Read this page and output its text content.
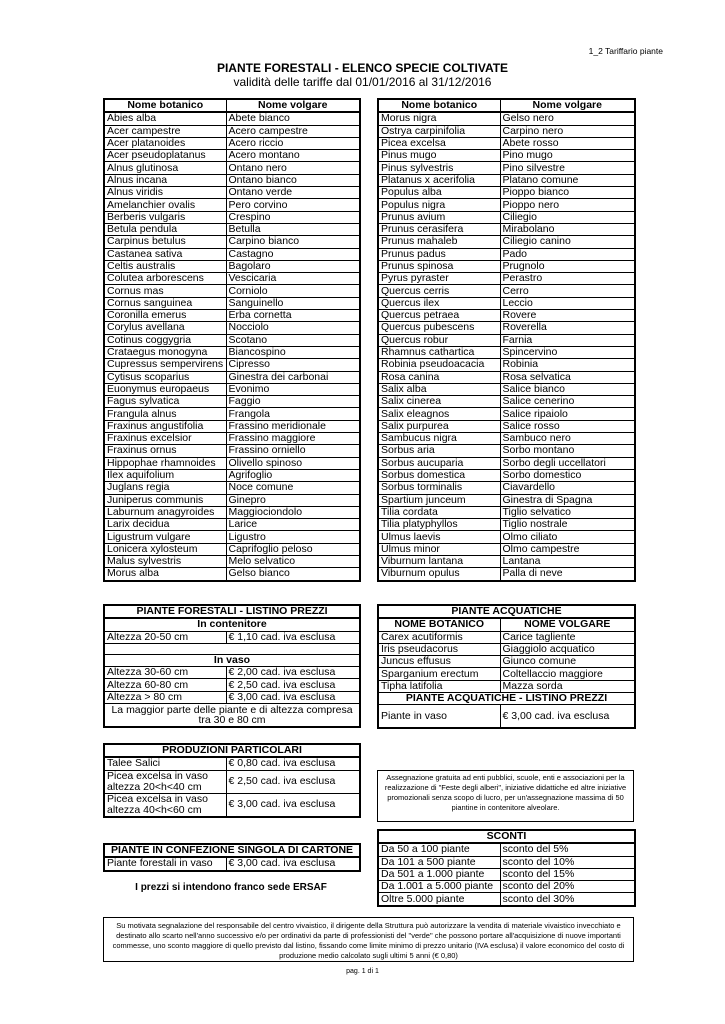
1_2 Tariffario piante
PIANTE FORESTALI - ELENCO SPECIE COLTIVATE
validità delle tariffe dal 01/01/2016 al 31/12/2016
Nome botanico	Nome volgare
Abies alba	Abete bianco
Acer campestre	Acero campestre
Acer platanoides	Acero riccio
Acer pseudoplatanus	Acero montano
Alnus glutinosa	Ontano nero
Alnus incana	Ontano bianco
Alnus viridis	Ontano verde
Amelanchier ovalis	Pero corvino
Berberis vulgaris	Crespino
Betula pendula	Betulla
Carpinus betulus	Carpino bianco
Castanea sativa	Castagno
Celtis australis	Bagolaro
Colutea arborescens	Vescicaria
Cornus mas	Corniolo
Cornus sanguinea	Sanguinello
Coronilla emerus	Erba cornetta
Corylus avellana	Nocciolo
Cotinus coggygria	Scotano
Crataegus monogyna	Biancospino
Cupressus sempervirens	Cipresso
Cytisus scoparius	Ginestra dei carbonai
Euonymus europaeus	Evonimo
Fagus sylvatica	Faggio
Frangula alnus	Frangola
Fraxinus angustifolia	Frassino meridionale
Fraxinus excelsior	Frassino maggiore
Fraxinus ornus	Frassino orniello
Hippophae rhamnoides	Olivello spinoso
Ilex aquifolium	Agrifoglio
Juglans regia	Noce comune
Juniperus communis	Ginepro
Laburnum anagyroides	Maggiociondolo
Larix decidua	Larice
Ligustrum vulgare	Ligustro
Lonicera xylosteum	Caprifoglio peloso
Malus sylvestris	Melo selvatico
Morus alba	Gelso bianco
Nome botanico	Nome volgare
Morus nigra	Gelso nero
Ostrya carpinifolia	Carpino nero
Picea excelsa	Abete rosso
Pinus mugo	Pino mugo
Pinus sylvestris	Pino silvestre
Platanus x acerifolia	Platano comune
Populus alba	Pioppo bianco
Populus nigra	Pioppo nero
Prunus avium	Ciliegio
Prunus cerasifera	Mirabolano
Prunus mahaleb	Ciliegio canino
Prunus padus	Pado
Prunus spinosa	Prugnolo
Pyrus pyraster	Perastro
Quercus cerris	Cerro
Quercus ilex	Leccio
Quercus petraea	Rovere
Quercus pubescens	Roverella
Quercus robur	Farnia
Rhamnus cathartica	Spincervino
Robinia pseudoacacia	Robinia
Rosa canina	Rosa selvatica
Salix alba	Salice bianco
Salix cinerea	Salice cenerino
Salix eleagnos	Salice ripaiolo
Salix purpurea	Salice rosso
Sambucus nigra	Sambuco nero
Sorbus aria	Sorbo montano
Sorbus aucuparia	Sorbo degli uccellatori
Sorbus domestica	Sorbo domestico
Sorbus torminalis	Ciavardello
Spartium junceum	Ginestra di Spagna
Tilia cordata	Tiglio selvatico
Tilia platyphyllos	Tiglio nostrale
Ulmus laevis	Olmo ciliato
Ulmus minor	Olmo campestre
Viburnum lantana	Lantana
Viburnum opulus	Palla di neve
PIANTE FORESTALI - LISTINO PREZZI	
In contenitore	
Altezza 20-50 cm	€ 1,10 cad. iva esclusa

In vaso	
Altezza 30-60 cm	€ 2,00 cad. iva esclusa
Altezza 60-80 cm	€ 2,50 cad. iva esclusa
Altezza > 80 cm	€ 3,00 cad. iva esclusa
La maggior parte delle piante e di altezza compresa tra 30 e 80 cm	
PRODUZIONI PARTICOLARI	
Talee Salici	€ 0,80 cad. iva esclusa
Picea excelsa in vaso altezza 20<h<40 cm	€ 2,50 cad. iva esclusa
Picea excelsa in vaso altezza 40<h<60 cm	€ 3,00 cad. iva esclusa
PIANTE IN CONFEZIONE SINGOLA DI CARTONE
Piante forestali in vaso	€ 3,00 cad. iva esclusa
I prezzi si intendono franco sede ERSAF
PIANTE ACQUATICHE	
NOME BOTANICO	NOME VOLGARE
Carex acutiformis	Carice tagliente
Iris pseudacorus	Giaggiolo acquatico
Juncus effusus	Giunco comune
Sparganium erectum	Coltellaccio maggiore
Tipha latifolia	Mazza sorda
PIANTE ACQUATICHE - LISTINO PREZZI	
Piante in vaso	€ 3,00 cad. iva esclusa
Assegnazione gratuita ad enti pubblici, scuole, enti e associazioni per la realizzazione di "Feste degli alberi", iniziative didattiche ed altre iniziative promozionali senza scopo di lucro, per un'assegnazione massima di 50 piantine in contenitore alveolare.
SCONTI	
Da 50 a 100 piante	sconto del 5%
Da 101 a 500 piante	sconto del 10%
Da 501 a 1.000 piante	sconto del 15%
Da 1.001 a 5.000 piante	sconto del 20%
Oltre 5.000 piante	sconto del 30%
Su motivata segnalazione del responsabile del centro vivaistico, il dirigente della Struttura può autorizzare la vendita di materiale vivaistico invecchiato e destinato allo scarto nell'anno successivo e/o per ordinativi da parte di professionisti del "verde" che possono portare all'acquisizione di nuove importanti commesse, uno sconto maggiore di quello previsto dal listino, fissando come limite minimo di prezzo unitario (IVA esclusa) il valore economico del costo di produzione medio calcolato sugli ultimi 5 anni (€ 0,80)
pag. 1 di 1
